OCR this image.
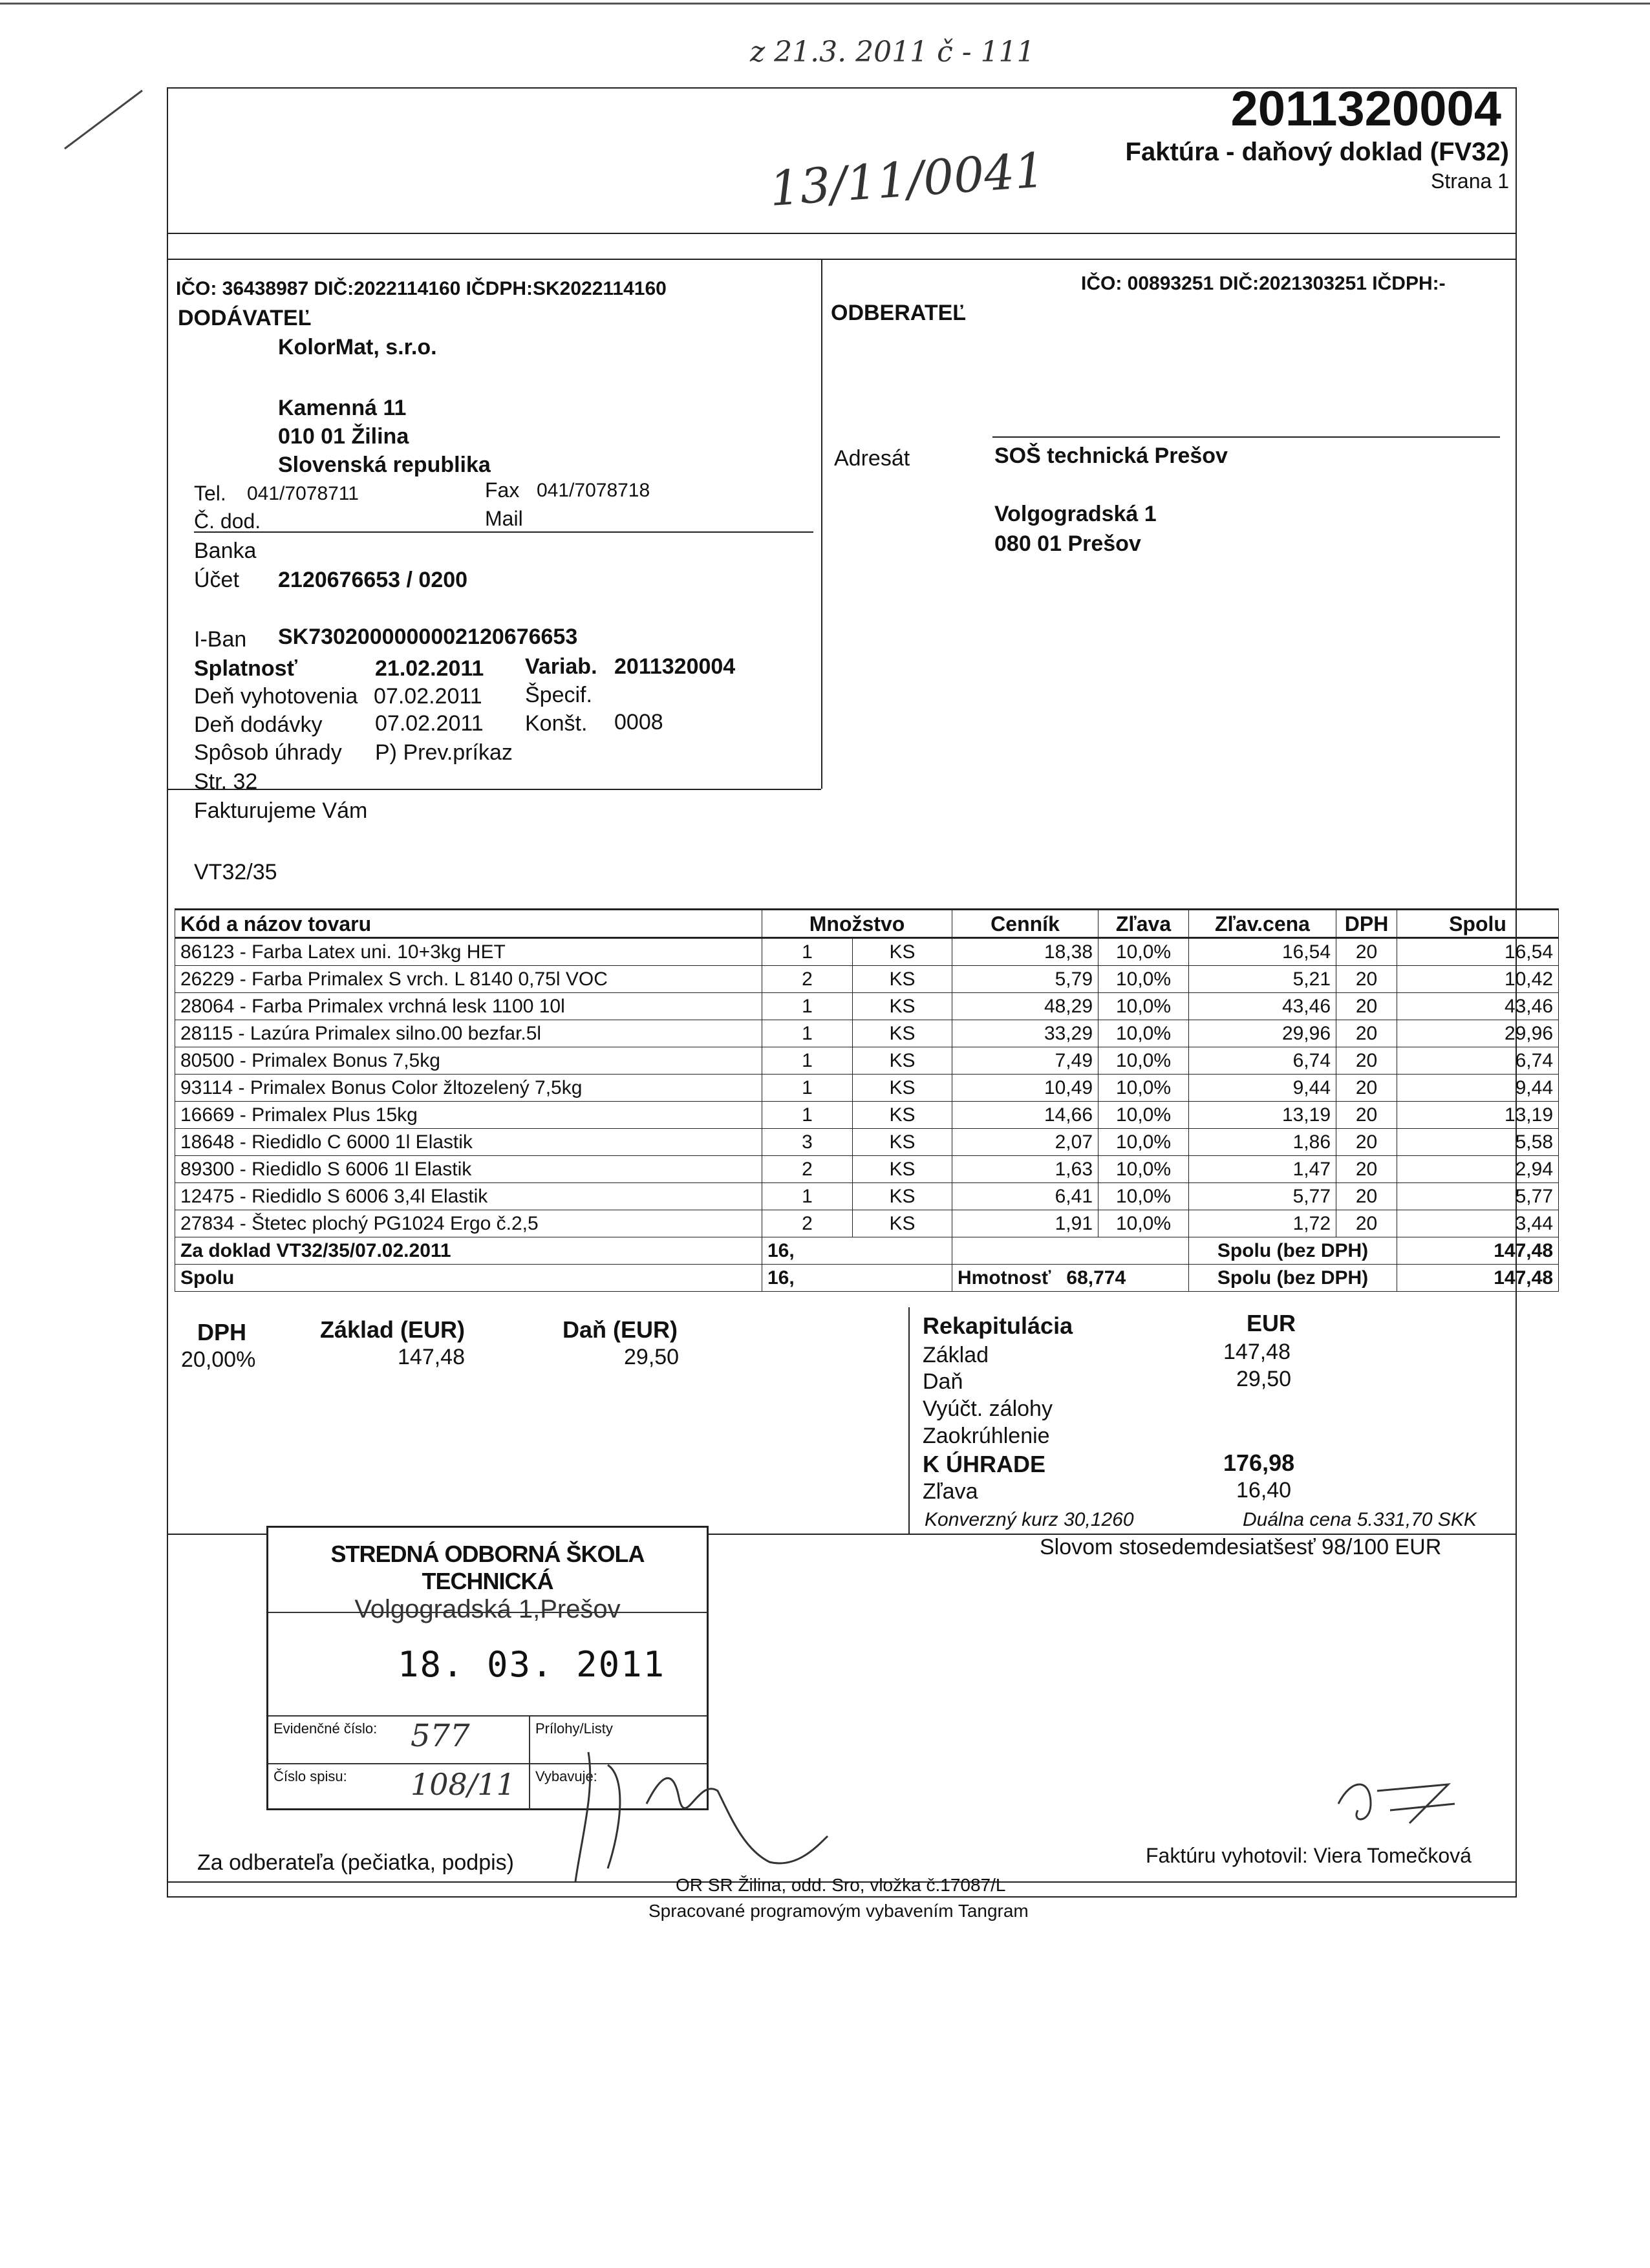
z 21.3. 2011 č - 111
13/11/0041
2011320004
Faktúra - daňový doklad (FV32)
Strana 1
IČO: 36438987 DIČ:2022114160 IČDPH:SK2022114160
DODÁVATEĽ
KolorMat, s.r.o.
Kamenná 11
010 01 Žilina
Slovenská republika
Tel. 041/7078711	Fax 041/7078718
Č. dod.	Mail
Banka
Účet 2120676653 / 0200
I-Ban SK7302000000002120676653
IČO: 00893251 DIČ:2021303251 IČDPH:-
ODBERATEĽ
Adresát	SOŠ technická Prešov
Volgogradská 1
080 01 Prešov
Splatnosť	21.02.2011 Variab. 2011320004
Deň vyhotovenia 07.02.2011 Špecif.
Deň dodávky 07.02.2011 Konšt. 0008
Spôsob úhrady P) Prev.príkaz
Str. 32
Fakturujeme Vám
VT32/35
Kód a názov tovaru	Množstvo		Cenník	Zľava	Zľav.cena	DPH	Spolu
86123 - Farba Latex uni. 10+3kg HET	1	KS	18,38	10,0%	16,54	20	16,54
26229 - Farba Primalex S vrch. L 8140 0,75l VOC	2	KS	5,79	10,0%	5,21	20	10,42
28064 - Farba Primalex vrchná lesk 1100 10l	1	KS	48,29	10,0%	43,46	20	43,46
28115 - Lazúra Primalex silno.00 bezfar.5l	1	KS	33,29	10,0%	29,96	20	29,96
80500 - Primalex Bonus 7,5kg	1	KS	7,49	10,0%	6,74	20	6,74
93114 - Primalex Bonus Color žltozelený 7,5kg	1	KS	10,49	10,0%	9,44	20	9,44
16669 - Primalex Plus 15kg	1	KS	14,66	10,0%	13,19	20	13,19
18648 - Riedidlo C 6000 1l Elastik	3	KS	2,07	10,0%	1,86	20	5,58
89300 - Riedidlo S 6006 1l Elastik	2	KS	1,63	10,0%	1,47	20	2,94
12475 - Riedidlo S 6006 3,4l Elastik	1	KS	6,41	10,0%	5,77	20	5,77
27834 - Štetec plochý PG1024 Ergo č.2,5	2	KS	1,91	10,0%	1,72	20	3,44
Za doklad VT32/35/07.02.2011	16,				Spolu (bez DPH)		147,48
Spolu	16,		Hmotnosť 68,774		Spolu (bez DPH)		147,48
DPH	Základ (EUR)	Daň (EUR)
20,00%	147,48	29,50
Rekapitulácia	EUR
Základ	147,48
Daň	29,50
Vyúčt. zálohy
Zaokrúhlenie
K ÚHRADE	176,98
Zľava	16,40
Konverzný kurz 30,1260	Duálna cena 5.331,70 SKK
Slovom stosedemdesiatšesť 98/100 EUR
STREDNÁ ODBORNÁ ŠKOLA TECHNICKÁ
Volgogradská 1,Prešov
18. 03. 2011
Evidenčné číslo: 577	Prílohy/Listy
Číslo spisu: 108/11	Vybavuje:
Za odberateľa (pečiatka, podpis)	Faktúru vyhotovil: Viera Tomečková
OR SR Žilina, odd. Sro, vložka č.17087/L
Spracované programovým vybavením Tangram
